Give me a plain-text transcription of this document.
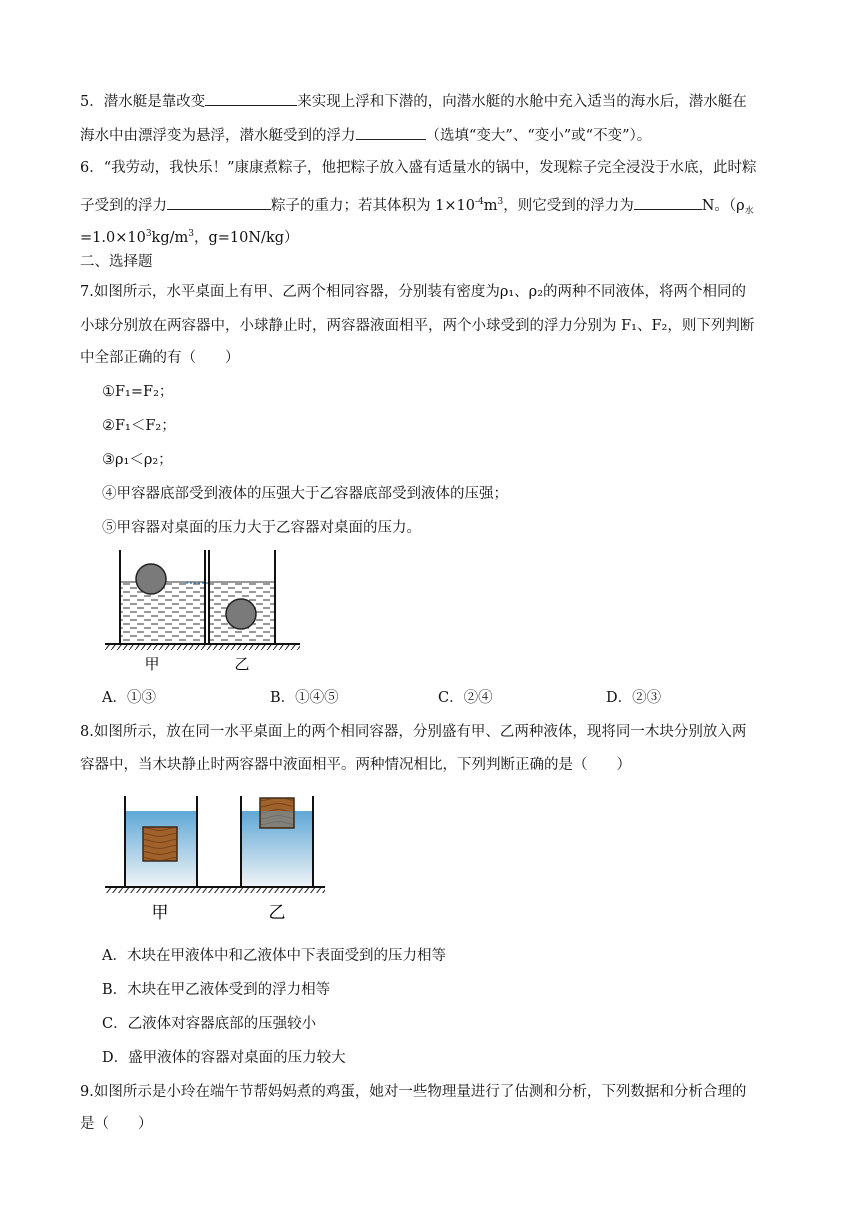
5．潜水艇是靠改变	来实现上浮和下潜的，向潜水艇的水舱中充入适当的海水后，潜水艇在
海水中由漂浮变为悬浮，潜水艇受到的浮力	（选填“变大”、“变小”或“不变”）。
6．“我劳动，我快乐！”康康煮粽子，他把粽子放入盛有适量水的锅中，发现粽子完全浸没于水底，此时粽
子受到的浮力	粽子的重力；若其体积为 $1\times 10^{-4}m^3$，则它受到的浮力为	N。（$\rho_水$
$=1.0\times 10^3kg/m^3$，g=10N/kg）
二、选择题
7.如图所示，水平桌面上有甲、乙两个相同容器，分别装有密度为ρ₁、ρ₂的两种不同液体，将两个相同的
小球分别放在两容器中，小球静止时，两容器液面相平，两个小球受到的浮力分别为 F₁、F₂，则下列判断
中全部正确的有（　　）
①F₁=F₂；
②F₁＜F₂；
③ρ₁＜ρ₂；
④甲容器底部受到液体的压强大于乙容器底部受到液体的压强；
⑤甲容器对桌面的压力大于乙容器对桌面的压力。
甲	乙
A．①③	B．①④⑤	C．②④	D．②③
8.如图所示，放在同一水平桌面上的两个相同容器，分别盛有甲、乙两种液体，现将同一木块分别放入两
容器中，当木块静止时两容器中液面相平。两种情况相比，下列判断正确的是（　　）
甲	乙
A．木块在甲液体中和乙液体中下表面受到的压力相等
B．木块在甲乙液体受到的浮力相等
C．乙液体对容器底部的压强较小
D．盛甲液体的容器对桌面的压力较大
9.如图所示是小玲在端午节帮妈妈煮的鸡蛋，她对一些物理量进行了估测和分析，下列数据和分析合理的
是（　　）
